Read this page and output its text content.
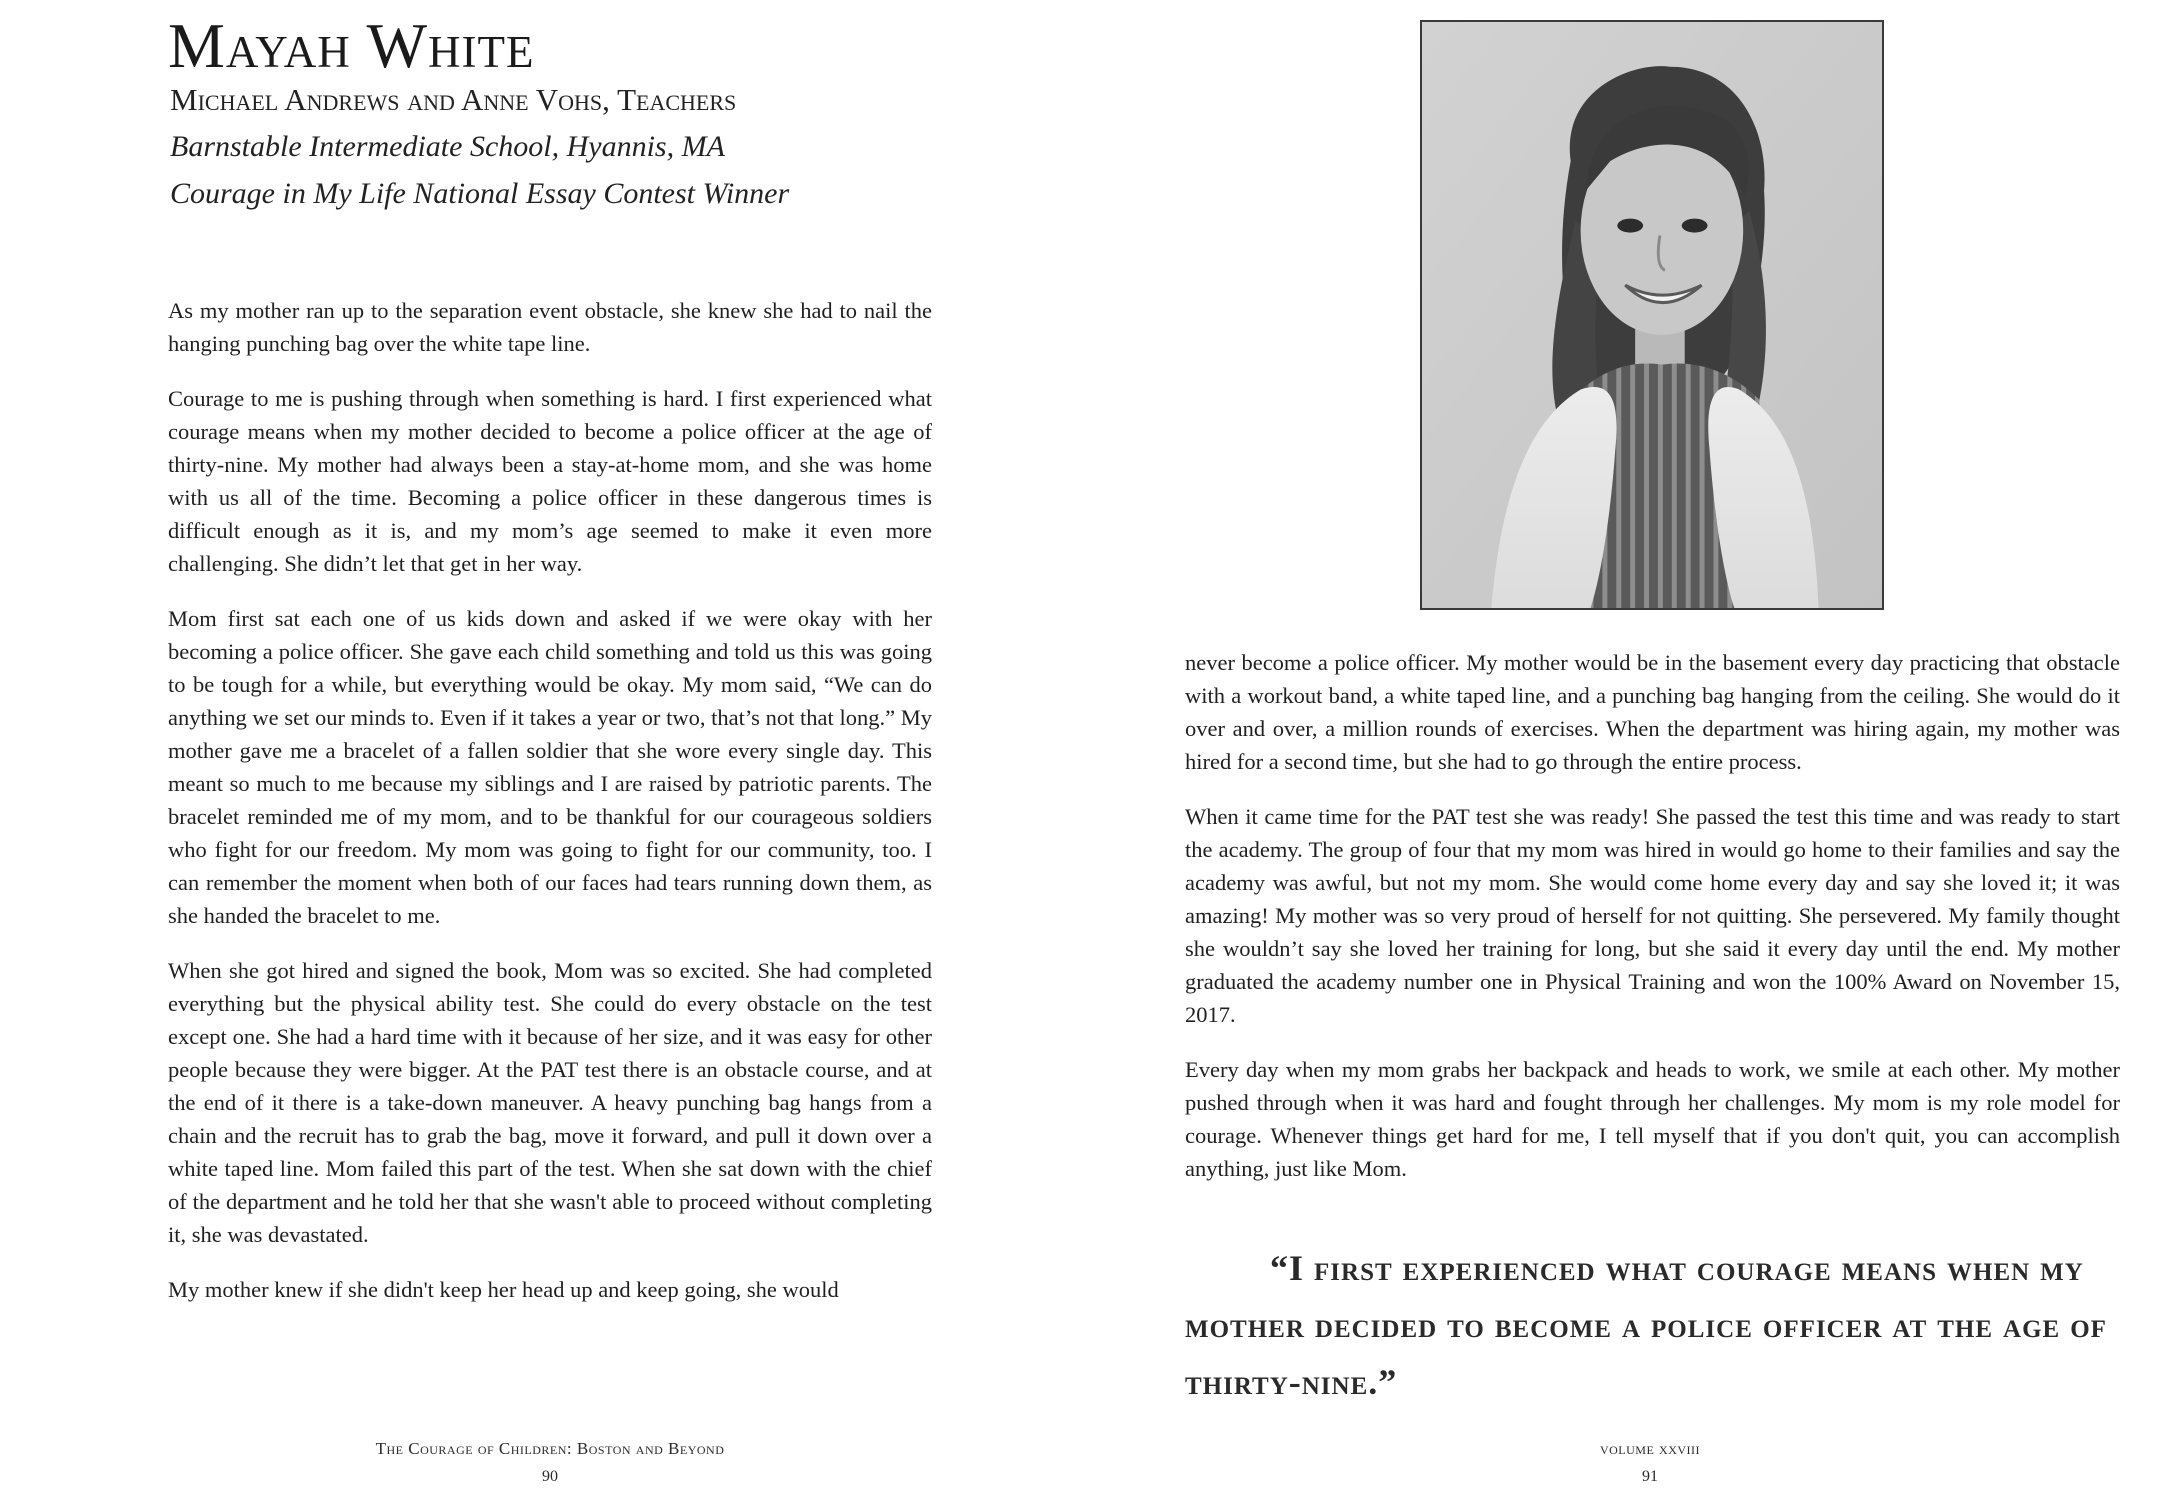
Mayah White
Michael Andrews and Anne Vohs, Teachers
Barnstable Intermediate School, Hyannis, MA
Courage in My Life National Essay Contest Winner

As my mother ran up to the separation event obstacle, she knew she had to nail the hanging punching bag over the white tape line.

Courage to me is pushing through when something is hard. I first experienced what courage means when my mother decided to become a police officer at the age of thirty-nine. My mother had always been a stay-at-home mom, and she was home with us all of the time. Becoming a police officer in these dangerous times is difficult enough as it is, and my mom’s age seemed to make it even more challenging. She didn’t let that get in her way.

Mom first sat each one of us kids down and asked if we were okay with her becoming a police officer. She gave each child something and told us this was going to be tough for a while, but everything would be okay. My mom said, “We can do anything we set our minds to. Even if it takes a year or two, that’s not that long.” My mother gave me a bracelet of a fallen soldier that she wore every single day. This meant so much to me because my siblings and I are raised by patriotic parents. The bracelet reminded me of my mom, and to be thankful for our courageous soldiers who fight for our freedom. My mom was going to fight for our community, too. I can remember the moment when both of our faces had tears running down them, as she handed the bracelet to me.

When she got hired and signed the book, Mom was so excited. She had completed everything but the physical ability test. She could do every obstacle on the test except one. She had a hard time with it because of her size, and it was easy for other people because they were bigger. At the PAT test there is an obstacle course, and at the end of it there is a take-down maneuver. A heavy punching bag hangs from a chain and the recruit has to grab the bag, move it forward, and pull it down over a white taped line. Mom failed this part of the test. When she sat down with the chief of the department and he told her that she wasn't able to proceed without completing it, she was devastated.

My mother knew if she didn't keep her head up and keep going, she would

The Courage of Children: Boston and Beyond
90

never become a police officer. My mother would be in the basement every day practicing that obstacle with a workout band, a white taped line, and a punching bag hanging from the ceiling. She would do it over and over, a million rounds of exercises. When the department was hiring again, my mother was hired for a second time, but she had to go through the entire process.

When it came time for the PAT test she was ready! She passed the test this time and was ready to start the academy. The group of four that my mom was hired in would go home to their families and say the academy was awful, but not my mom. She would come home every day and say she loved it; it was amazing! My mother was so very proud of herself for not quitting. She persevered. My family thought she wouldn’t say she loved her training for long, but she said it every day until the end. My mother graduated the academy number one in Physical Training and won the 100% Award on November 15, 2017.

Every day when my mom grabs her backpack and heads to work, we smile at each other. My mother pushed through when it was hard and fought through her challenges. My mom is my role model for courage. Whenever things get hard for me, I tell myself that if you don't quit, you can accomplish anything, just like Mom.

“I first experienced what courage means when my mother decided to become a police officer at the age of thirty-nine.”

volume xxviii
91
